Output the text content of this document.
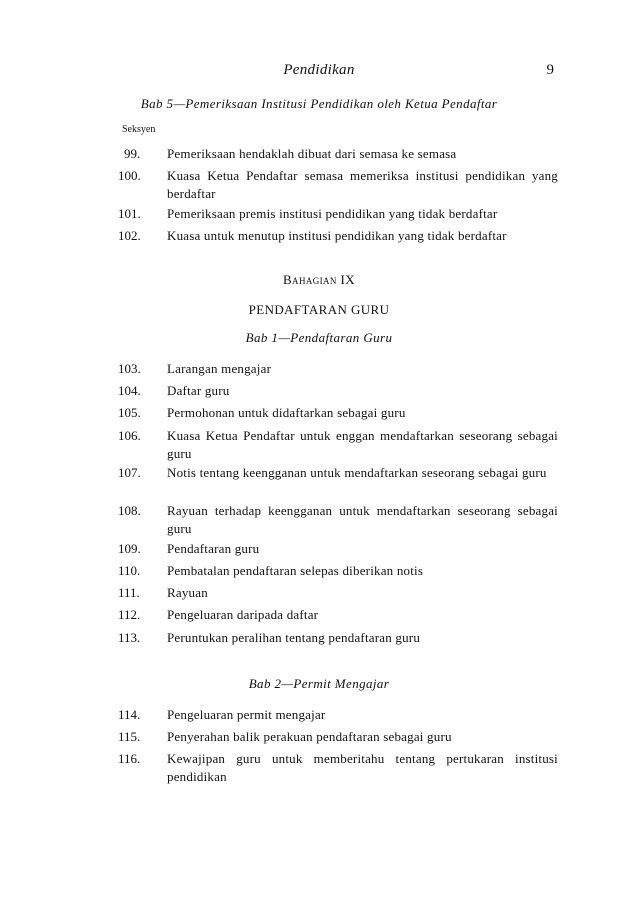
Pendidikan	9
Bab 5—Pemeriksaan Institusi Pendidikan oleh Ketua Pendaftar
Seksyen
99.	Pemeriksaan hendaklah dibuat dari semasa ke semasa
100.	Kuasa Ketua Pendaftar semasa memeriksa institusi pendidikan yang berdaftar
101.	Pemeriksaan premis institusi pendidikan yang tidak berdaftar
102.	Kuasa untuk menutup institusi pendidikan yang tidak berdaftar
Bahagian IX
PENDAFTARAN GURU
Bab 1—Pendaftaran Guru
103.	Larangan mengajar
104.	Daftar guru
105.	Permohonan untuk didaftarkan sebagai guru
106.	Kuasa Ketua Pendaftar untuk enggan mendaftarkan seseorang sebagai guru
107.	Notis tentang keengganan untuk mendaftarkan seseorang sebagai guru
108.	Rayuan terhadap keengganan untuk mendaftarkan seseorang sebagai guru
109.	Pendaftaran guru
110.	Pembatalan pendaftaran selepas diberikan notis
111.	Rayuan
112.	Pengeluaran daripada daftar
113.	Peruntukan peralihan tentang pendaftaran guru
Bab 2—Permit Mengajar
114.	Pengeluaran permit mengajar
115.	Penyerahan balik perakuan pendaftaran sebagai guru
116.	Kewajipan guru untuk memberitahu tentang pertukaran institusi pendidikan
